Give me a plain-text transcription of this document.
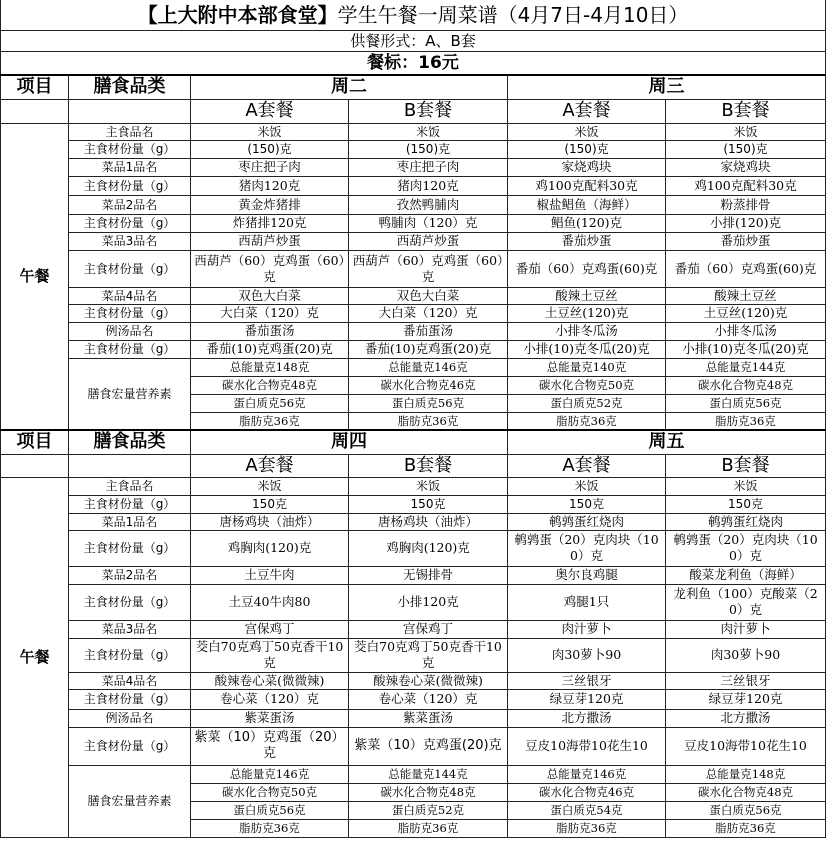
【上大附中本部食堂】学生午餐一周菜谱（4月7日-4月10日）					
供餐形式：A、B套					
餐标：16元					
项目	膳食品类	周二		周三	
		A套餐	B套餐	A套餐	B套餐
午餐	主食品名	米饭	米饭	米饭	米饭
	主食材份量（g）	(150)克	(150)克	(150)克	(150)克
	菜品1品名	枣庄把子肉	枣庄把子肉	家烧鸡块	家烧鸡块
	主食材份量（g）	猪肉120克	猪肉120克	鸡100克配料30克	鸡100克配料30克
	菜品2品名	黄金炸猪排	孜然鸭脯肉	椒盐鲳鱼（海鲜）	粉蒸排骨
	主食材份量（g）	炸猪排120克	鸭脯肉（120）克	鲳鱼(120)克	小排(120)克
	菜品3品名	西葫芦炒蛋	西葫芦炒蛋	番茄炒蛋	番茄炒蛋
	主食材份量（g）	西葫芦（60）克鸡蛋（60）克	西葫芦（60）克鸡蛋（60）克	番茄（60）克鸡蛋(60)克	番茄（60）克鸡蛋(60)克
	菜品4品名	双色大白菜	双色大白菜	酸辣土豆丝	酸辣土豆丝
	主食材份量（g）	大白菜（120）克	大白菜（120）克	土豆丝(120)克	土豆丝(120)克
	例汤品名	番茄蛋汤	番茄蛋汤	小排冬瓜汤	小排冬瓜汤
	主食材份量（g）	番茄(10)克鸡蛋(20)克	番茄(10)克鸡蛋(20)克	小排(10)克冬瓜(20)克	小排(10)克冬瓜(20)克
	膳食宏量营养素	总能量克148克	总能量克146克	总能量克140克	总能量克144克
		碳水化合物克48克	碳水化合物克46克	碳水化合物克50克	碳水化合物克48克
		蛋白质克56克	蛋白质克56克	蛋白质克52克	蛋白质克56克
		脂肪克36克	脂肪克36克	脂肪克36克	脂肪克36克
项目	膳食品类	周四		周五	
		A套餐	B套餐	A套餐	B套餐
午餐	主食品名	米饭	米饭	米饭	米饭
	主食材份量（g）	150克	150克	150克	150克
	菜品1品名	唐杨鸡块（油炸）	唐杨鸡块（油炸）	鹌鹑蛋红烧肉	鹌鹑蛋红烧肉
	主食材份量（g）	鸡胸肉(120)克	鸡胸肉(120)克	鹌鹑蛋（20）克肉块（100）克	鹌鹑蛋（20）克肉块（100）克
	菜品2品名	土豆牛肉	无锡排骨	奥尔良鸡腿	酸菜龙利鱼（海鲜）
	主食材份量（g）	土豆40牛肉80	小排120克	鸡腿1只	龙利鱼（100）克酸菜（20）克
	菜品3品名	宫保鸡丁	宫保鸡丁	肉汁萝卜	肉汁萝卜
	主食材份量（g）	茭白70克鸡丁50克香干10克	茭白70克鸡丁50克香干10克	肉30萝卜90	肉30萝卜90
	菜品4品名	酸辣卷心菜(微微辣)	酸辣卷心菜(微微辣)	三丝银牙	三丝银牙
	主食材份量（g）	卷心菜（120）克	卷心菜（120）克	绿豆芽120克	绿豆芽120克
	例汤品名	紫菜蛋汤	紫菜蛋汤	北方撒汤	北方撒汤
	主食材份量（g）	紫菜（10）克鸡蛋（20）克	紫菜（10）克鸡蛋(20)克	豆皮10海带10花生10	豆皮10海带10花生10
	膳食宏量营养素	总能量克146克	总能量克144克	总能量克146克	总能量克148克
		碳水化合物克50克	碳水化合物克48克	碳水化合物克46克	碳水化合物克48克
		蛋白质克56克	蛋白质克52克	蛋白质克54克	蛋白质克56克
		脂肪克36克	脂肪克36克	脂肪克36克	脂肪克36克
